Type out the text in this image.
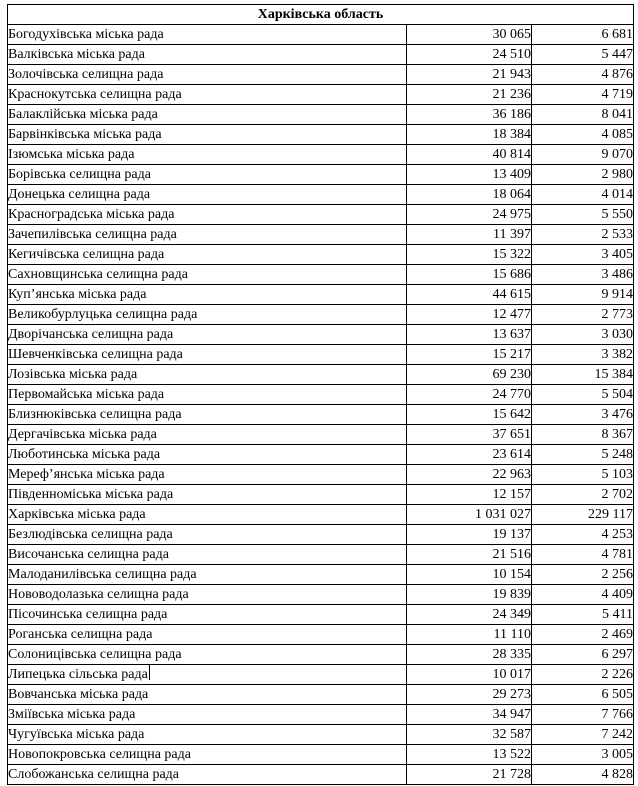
Харківська область		
Богодухівська міська рада	30 065	6 681
Валківська міська рада	24 510	5 447
Золочівська селищна рада	21 943	4 876
Краснокутська селищна рада	21 236	4 719
Балаклійська міська рада	36 186	8 041
Барвінківська міська рада	18 384	4 085
Ізюмська міська рада	40 814	9 070
Борівська селищна рада	13 409	2 980
Донецька селищна рада	18 064	4 014
Красноградська міська рада	24 975	5 550
Зачепилівська селищна рада	11 397	2 533
Кегичівська селищна рада	15 322	3 405
Сахновщинська селищна рада	15 686	3 486
Куп’янська міська рада	44 615	9 914
Великобурлуцька селищна рада	12 477	2 773
Дворічанська селищна рада	13 637	3 030
Шевченківська селищна рада	15 217	3 382
Лозівська міська рада	69 230	15 384
Первомайська міська рада	24 770	5 504
Близнюківська селищна рада	15 642	3 476
Дергачівська міська рада	37 651	8 367
Люботинська міська рада	23 614	5 248
Мереф’янська міська рада	22 963	5 103
Південноміська міська рада	12 157	2 702
Харківська міська рада	1 031 027	229 117
Безлюдівська селищна рада	19 137	4 253
Височанська селищна рада	21 516	4 781
Малоданилівська селищна рада	10 154	2 256
Нововодолазька селищна рада	19 839	4 409
Пісочинська селищна рада	24 349	5 411
Роганська селищна рада	11 110	2 469
Солоницівська селищна рада	28 335	6 297
Липецька сільська рада	10 017	2 226
Вовчанська міська рада	29 273	6 505
Зміївська міська рада	34 947	7 766
Чугуївська міська рада	32 587	7 242
Новопокровська селищна рада	13 522	3 005
Слобожанська селищна рада	21 728	4 828
